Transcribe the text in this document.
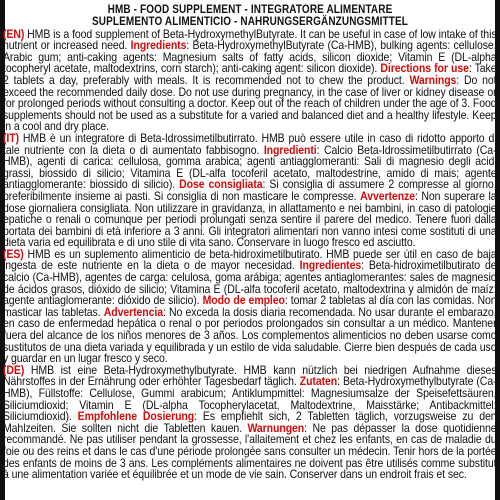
HMB - FOOD SUPPLEMENT - INTEGRATORE ALIMENTARE
SUPLEMENTO ALIMENTICIO - NAHRUNGSERGÄNZUNGSMITTEL

(EN) HMB is a food supplement of Beta-HydroxymethylButyrate. It can be useful in case of low intake of this nutrient or increased need. Ingredients: Beta-HydroxymethylButyrate (Ca-HMB), bulking agents: cellulose, Arabic gum; anti-caking agents: Magnesium salts of fatty acids, silicon dioxide; Vitamin E (DL-alpha tocopheryl acetate, maltodextrins, corn starch); anti-caking agent: silicon dioxide). Directions for use: Take 2 tablets a day, preferably with meals. It is recommended not to chew the product. Warnings: Do not exceed the recommended daily dose. Do not use during pregnancy, in the case of liver or kidney disease or for prolonged periods without consulting a doctor. Keep out of the reach of children under the age of 3. Food supplements should not be used as a substitute for a varied and balanced diet and a healthy lifestyle. Keep in a cool and dry place.

(IT) HMB è un integratore di Beta-Idrossimetilbutirrato. HMB può essere utile in caso di ridotto apporto di tale nutriente con la dieta o di aumentato fabbisogno. Ingredienti: Calcio Beta-Idrossimetilbutirrato (Ca-HMB), agenti di carica: cellulosa, gomma arabica; agenti antiagglomeranti: Sali di magnesio degli acidi grassi, biossido di silicio; Vitamina E (DL-alfa tocoferil acetato, maltodestrine, amido di mais; agente antiagglomerante: biossido di silicio). Dose consigliata: Si consiglia di assumere 2 compresse al giorno, preferibilmente insieme ai pasti. Si consiglia di non masticare le compresse. Avvertenze: Non superare la dose giornaliera consigliata. Non utilizzare in gravidanza, in allattamento e nei bambini, in caso di patologie epatiche o renali o comunque per periodi prolungati senza sentire il parere del medico. Tenere fuori dalla portata dei bambini di età inferiore a 3 anni. Gli integratori alimentari non vanno intesi come sostituti di una dieta varia ed equilibrata e di uno stile di vita sano. Conservare in luogo fresco ed asciutto.

(ES) HMB es un suplemento alimenticio de beta-hidroximetilbutirato. HMB puede ser útil en caso de baja ingesta de este nutriente en la dieta o de mayor necesidad. Ingredientes: Beta-hidroximetilbutirato de calcio (Ca-HMB), agentes de carga: celulosa, goma arábiga; agentes antiaglomerantes: sales de magnesio de ácidos grasos, dióxido de silicio; Vitamina E (DL-alfa tocoferil acetato, maltodextrina y almidón de maíz; agente antiaglomerante: dióxido de silicio). Modo de empleo: tomar 2 tabletas al día con las comidas. Non masticar las tabletas. Advertencia: No exceda la dosis diaria recomendada. No usar durante el embarazo, en caso de enfermedad hepática o renal o por periodos prolongados sin consultar a un médico. Mantener fuera del alcance de los niños menores de 3 años. Los complementos alimenticios no deben usarse como sustitutos de una dieta variada y equilibrada y un estilo de vida saludable. Cierre bien después de cada uso y guardar en un lugar fresco y seco.

(DE) HMB ist eine Beta-Hydroxymethylbutyrate. HMB kann nützlich bei niedrigen Aufnahme dieses Nährstoffes in der Ernährung oder erhöhter Tagesbedarf täglich. Zutaten: Beta-Hydroxymethylbutyrate (Ca-HMB), Füllstoffe: Cellulose, Gummi arabicum; Antiklumpmittel: Magnesiumsalze der Speisefettsäuren, Siliciumdioxid; Vitamin E (DL-alpha Tocopherylacetat, Maltodextrine, Maisstärke; Antibackmittel: Siliciumdioxid). Empfohlene Dosierung: Es empfiehlt sich, 2 Tabletten täglich, vorzugsweise zu den Mahlzeiten. Sie sollten nicht die Tabletten kauen. Warnungen: Ne pas dépasser la dose quotidienne recommandé. Ne pas utiliser pendant la grossesse, l'allaitement et chez les enfants, en cas de maladie du foie ou des reins et dans le cas d'une période prolongée sans consulter un médecin. Tenir hors de la portée des enfants de moins de 3 ans. Les compléments alimentaires ne doivent pas être utilisés comme substitut à une alimentation variée et équilibrée et un mode de vie sain. Conserver dans un endroit frais et sec.
